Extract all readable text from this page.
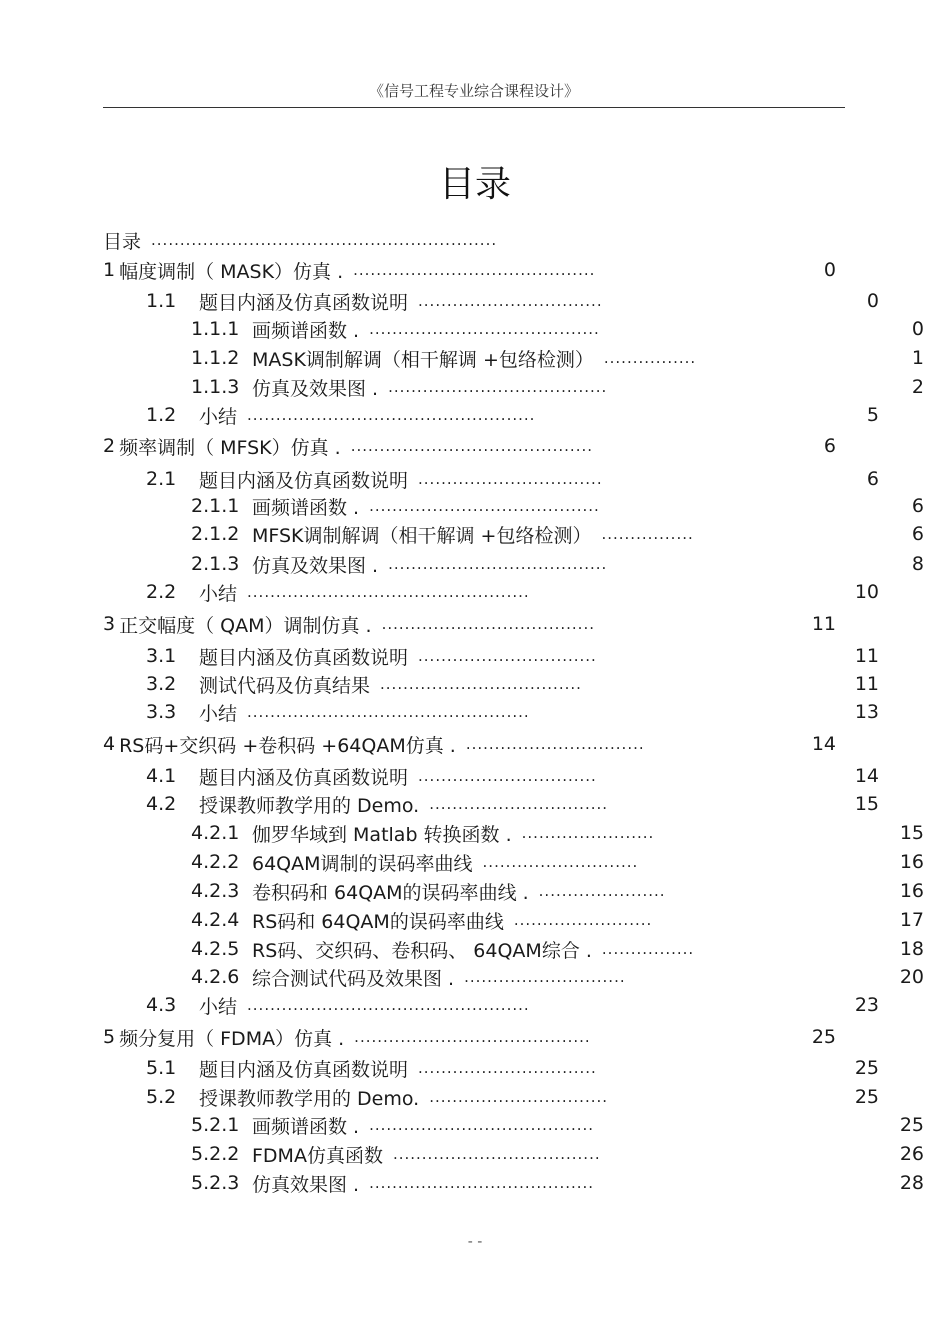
《信号工程专业综合课程设计》
目录
目录 ............................................................
1 幅度调制（ MASK）仿真 . ..........................................	0
1.1	题目内涵及仿真函数说明 ................................	0
1.1.1 画频谱函数 . ........................................	0
1.1.2 MASK调制解调（相干解调 +包络检测） ................	1
1.1.3 仿真及效果图 . ......................................	2
1.2	小结 ..................................................	5
2 频率调制（ MFSK）仿真 . ..........................................	6
2.1	题目内涵及仿真函数说明 ................................	6
2.1.1 画频谱函数 . ........................................	6
2.1.2 MFSK调制解调（相干解调 +包络检测） ................	6
2.1.3 仿真及效果图 . ......................................	8
2.2	小结 .................................................	10
3 正交幅度（ QAM）调制仿真 . .....................................	11
3.1	题目内涵及仿真函数说明 ...............................	11
3.2	测试代码及仿真结果 ...................................	11
3.3	小结 .................................................	13
4 RS码+交织码 +卷积码 +64QAM仿真 . ...............................	14
4.1	题目内涵及仿真函数说明 ...............................	14
4.2	授课教师教学用的 Demo. ...............................	15
4.2.1 伽罗华域到 Matlab 转换函数 . .......................	15
4.2.2 64QAM调制的误码率曲线 ...........................	16
4.2.3 卷积码和 64QAM的误码率曲线 . ......................	16
4.2.4 RS码和 64QAM的误码率曲线 ........................	17
4.2.5 RS码、交织码、卷积码、 64QAM综合 . ................	18
4.2.6 综合测试代码及效果图 . ............................	20
4.3	小结 .................................................	23
5 频分复用（ FDMA）仿真 . .........................................	25
5.1	题目内涵及仿真函数说明 ...............................	25
5.2	授课教师教学用的 Demo. ...............................	25
5.2.1 画频谱函数 . .......................................	25
5.2.2 FDMA仿真函数 ....................................	26
5.2.3 仿真效果图 . .......................................	28
- -
